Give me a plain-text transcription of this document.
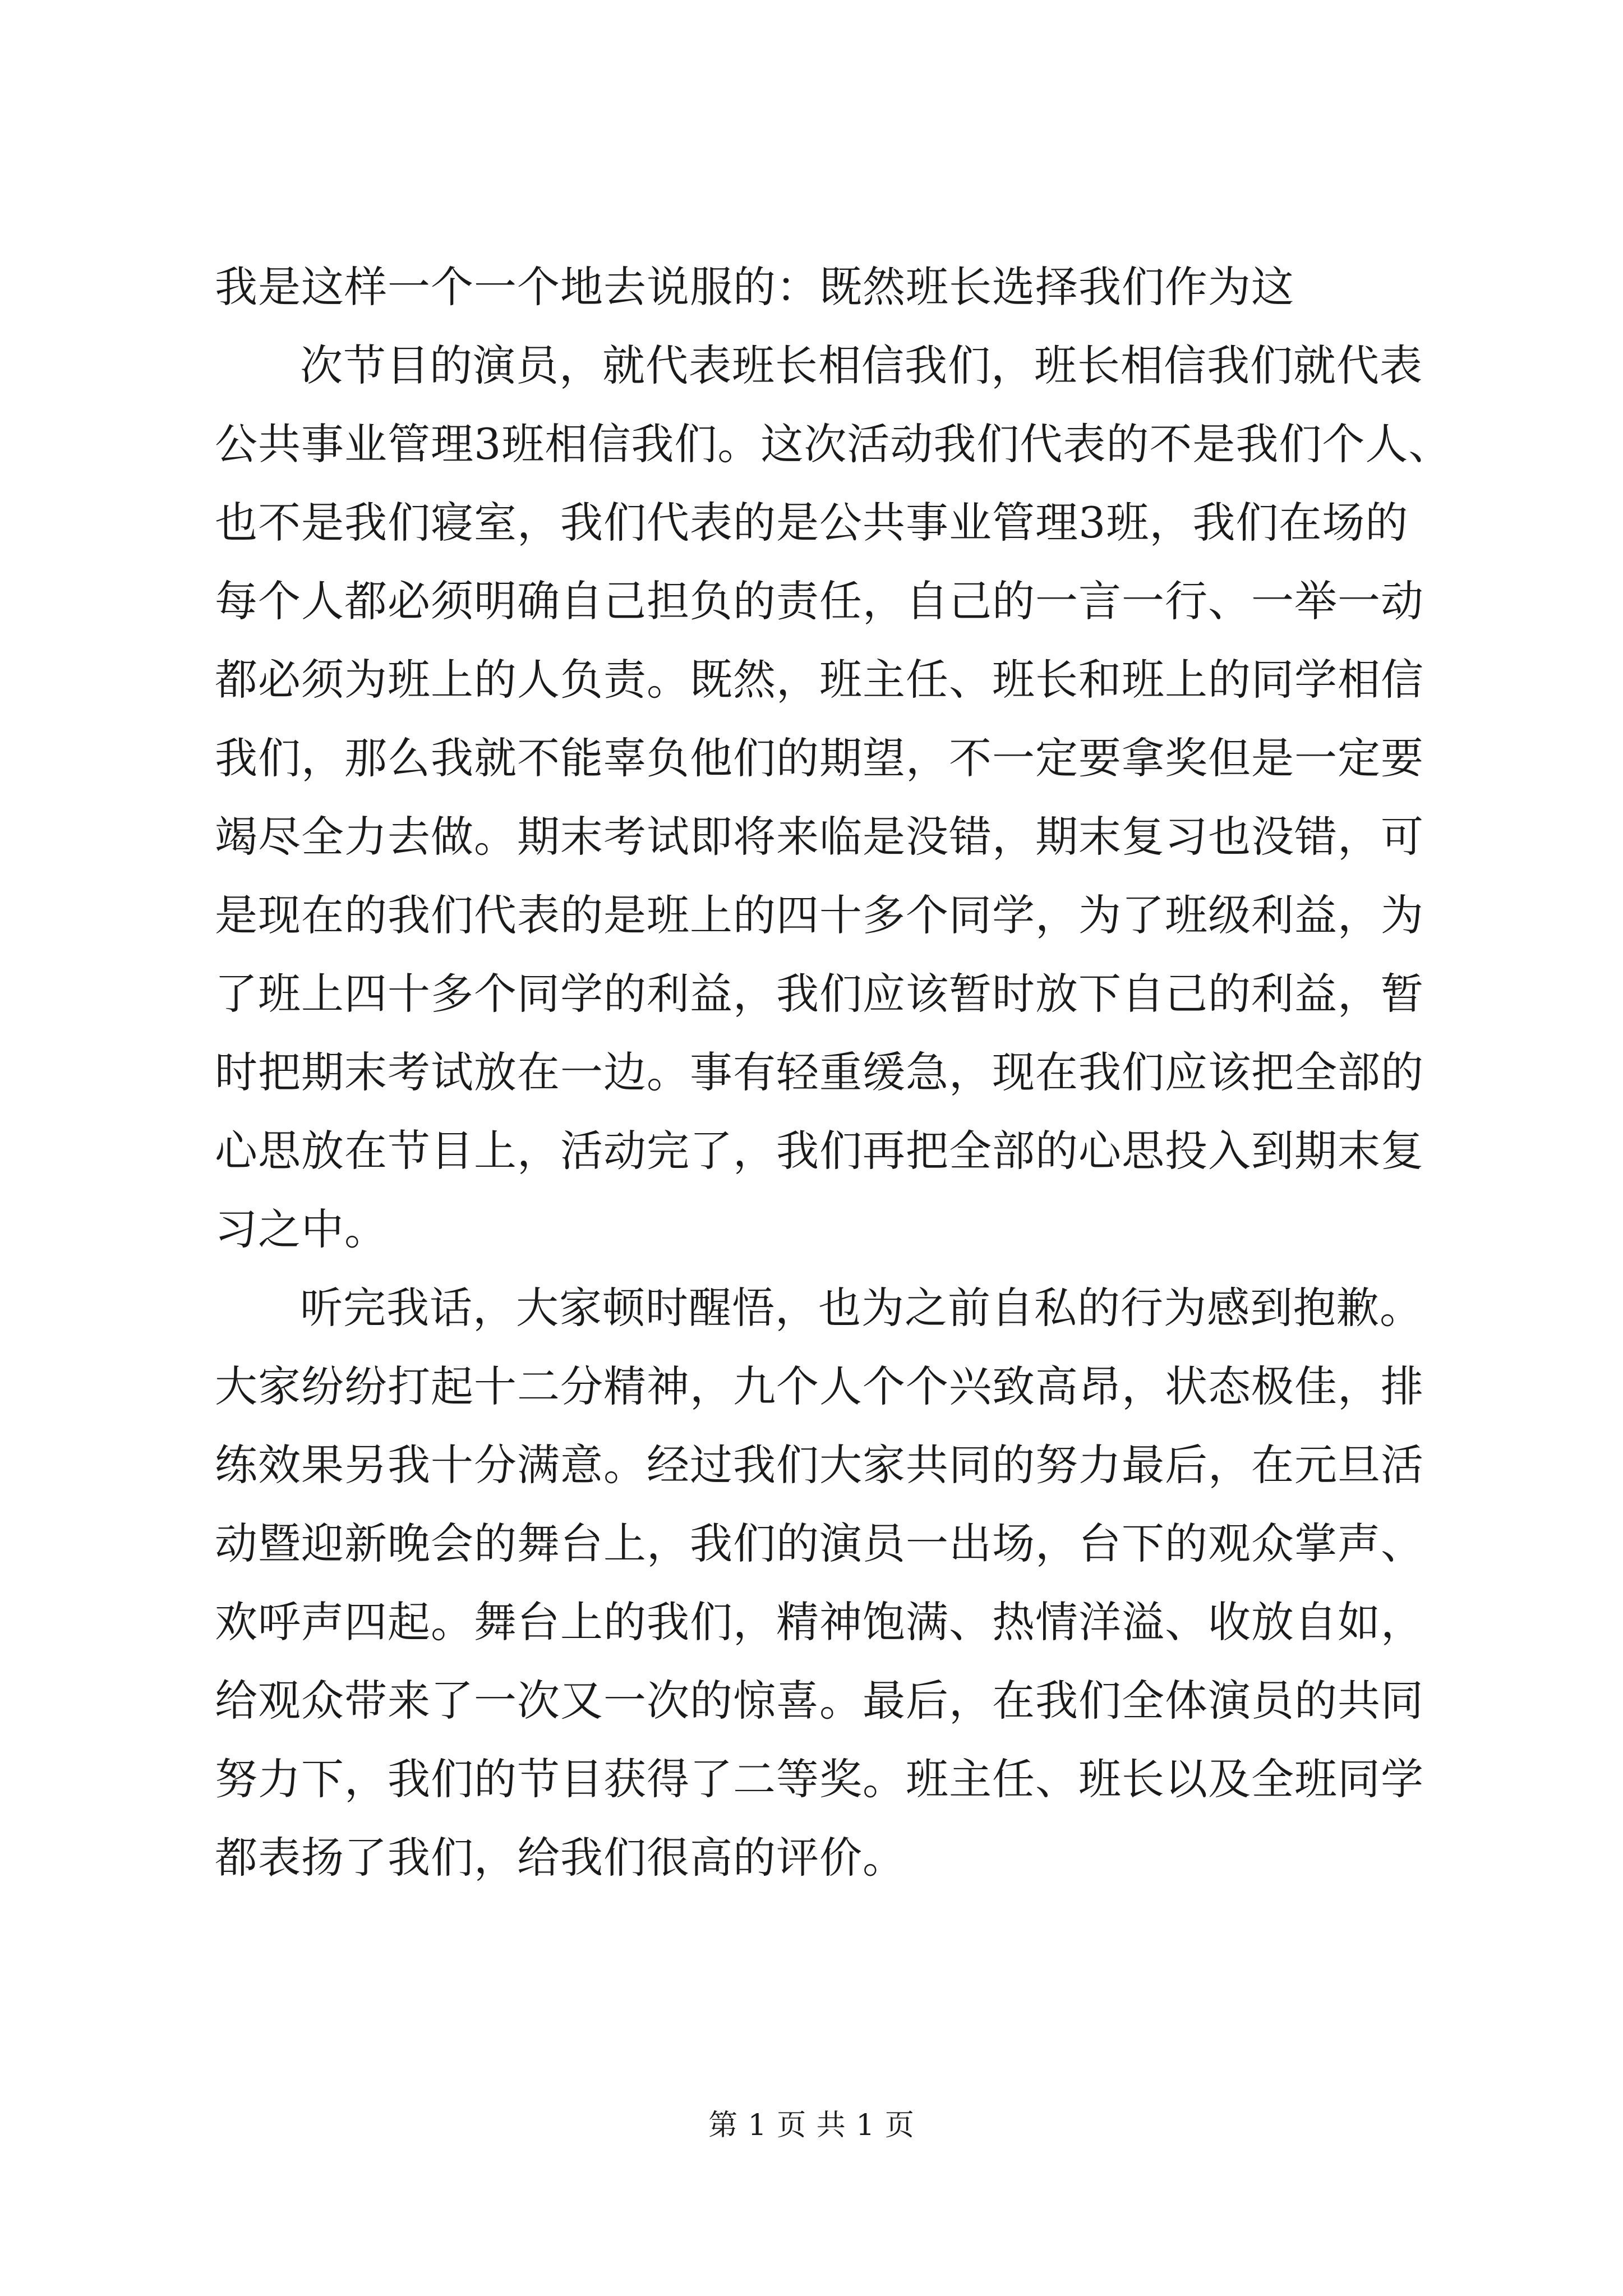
我是这样一个一个地去说服的：既然班长选择我们作为这
次节目的演员，就代表班长相信我们，班长相信我们就代表
公共事业管理3班相信我们。这次活动我们代表的不是我们个人、
也不是我们寝室，我们代表的是公共事业管理3班，我们在场的
每个人都必须明确自己担负的责任，自己的一言一行、一举一动
都必须为班上的人负责。既然，班主任、班长和班上的同学相信
我们，那么我就不能辜负他们的期望，不一定要拿奖但是一定要
竭尽全力去做。期末考试即将来临是没错，期末复习也没错，可
是现在的我们代表的是班上的四十多个同学，为了班级利益，为
了班上四十多个同学的利益，我们应该暂时放下自己的利益，暂
时把期末考试放在一边。事有轻重缓急，现在我们应该把全部的
心思放在节目上，活动完了，我们再把全部的心思投入到期末复
习之中。
听完我话，大家顿时醒悟，也为之前自私的行为感到抱歉。
大家纷纷打起十二分精神，九个人个个兴致高昂，状态极佳，排
练效果另我十分满意。经过我们大家共同的努力最后，在元旦活
动暨迎新晚会的舞台上，我们的演员一出场，台下的观众掌声、
欢呼声四起。舞台上的我们，精神饱满、热情洋溢、收放自如，
给观众带来了一次又一次的惊喜。最后，在我们全体演员的共同
努力下，我们的节目获得了二等奖。班主任、班长以及全班同学
都表扬了我们，给我们很高的评价。
第 1 页 共 1 页
